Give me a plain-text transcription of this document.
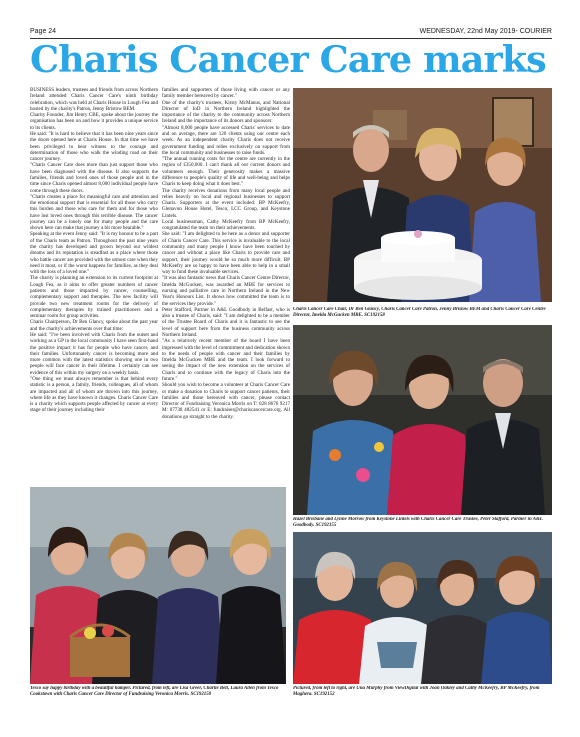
Page 24	WEDNESDAY, 22nd May 2019- COURIER
Charis Cancer Care marks

BUSINESS leaders, trustees and friends from across Northern Ireland attended Charis Cancer Care's ninth birthday celebration, which was held at Charis House in Lough Fea and hosted by the charity's Patron, Jenny Bristow BEM.

Charity Founder, Jim Henry CBE, spoke about the journey the organisation has been on and how it provides a unique service to its clients.

He said: "It is hard to believe that it has been nine years since the doors opened here at Charis House. In that time we have been privileged to bear witness to the courage and determination of those who walk the winding road on their cancer journey.

"Charis Cancer Care does more than just support those who have been diagnosed with the disease. It also supports the families, friends and loved ones of those people and in the time since Charis opened almost 8,000 individual people have come through these doors.

"Charis creates a place for meaningful care and attention and the emotional support that is essential for all those who carry this burden and those who care for them and for those who have lost loved ones through this terrible disease. The cancer journey can be a lonely one for many people and the care shown here can make that journey a bit more bearable."

Speaking at the event Jenny said: "It is my honour to be a part of the Charis team as Patron. Throughout the past nine years the charity has developed and grown beyond our wildest dreams and its reputation is steadfast as a place where those who battle cancer are provided with the utmost care when they need it most, or if the worst happens for families, as they deal with the loss of a loved one."

The charity is planning an extension to its current footprint at Lough Fea, as it aims to offer greater numbers of cancer patients and those impacted by cancer, counselling, complementary support and therapies. The new facility will provide two new treatment rooms for the delivery of complementary therapies by trained practitioners and a seminar room for group activities.

Charis Chairperson, Dr Ben Glancy, spoke about the past year and the charity's achievements over that time:

He said: "I've been involved with Charis from the outset and working as a GP in the local community I have seen first-hand the positive impact it has for people who have cancer, and their families. Unfortunately cancer is becoming more and more common with the latest statistics showing one in two people will face cancer in their lifetime. I certainly can see evidence of this within my surgery on a weekly basis.

"One thing we must always remember is that behind every statistic is a person, a family, friends, colleagues, all of whom are impacted and all of whom are thrown into this journey, where life as they have known it changes. Charis Cancer Care is a charity which supports people affected by cancer at every stage of their journey including their

families and supporters of those living with cancer or any family member bereaved by cancer."

One of the charity's trustees, Kirsty McManus, and National Director of IoD in Northern Ireland highlighted the importance of the charity to the community across Northern Ireland and the importance of its donors and sponsors:

"Almost 8,000 people have accessed Charis' services to date and on average, there are 120 clients using our centre each week. As an independent charity Charis does not receive government funding and relies exclusively on support from the local community and businesses to raise funds.

"The annual running costs for the centre are currently in the region of £350,000. I can't thank all our current donors and volunteers enough. Their generosity makes a massive difference to people's quality of life and well-being and helps Charis to keep doing what it does best."

The charity receives donations from many local people and relies heavily on local and regional businesses to support Charis. Supporters at the event included: BP McKeefry, Glenavon House Hotel, Tesco, LCC Group, and Keystone Lintels.

Local businessman, Cathy McKeefry from BP McKeefry, congratulated the team on their achievements.

She said: "I am delighted to be here as a donor and supporter of Charis Cancer Care. This service is invaluable to the local community and many people I know have been touched by cancer and without a place like Charis to provide care and support, their journey would be so much more difficult. BP McKeefry are so happy to have been able to help in a small way to fund these invaluable services.

"It was also fantastic news that Charis Cancer Centre Director, Imelda McGucken, was awarded an MBE for services to nursing and palliative care in Northern Ireland in the New Year's Honours List. It shows how committed the team is to the services they provide."

Peter Stafford, Partner in A&L Goodbody in Belfast, who is also a trustee of Charis, said: "I am delighted to be a member of the Trustee Board of Charis and it is fantastic to see the level of support here from the business community across Northern Ireland.

"As a relatively recent member of the board I have been impressed with the level of commitment and dedication shown to the needs of people with cancer and their families by Imelda McGucken MBE and the team. I look forward to seeing the impact of the new extension on the services of Charis and to continue with the legacy of Charis into the future."

Should you wish to become a volunteer at Charis Cancer Care or make a donation to Charis to support cancer patients, their families and those bereaved with cancer, please contact Director of Fundraising Veronica Morris on T: 028 8676 9217 M: 07738 482541 or E: fundraiser@chariscancercare.org. All donations go straight to the charity.

Charis Cancer Care Chair, Dr Ben Glancy, Charis Cancer Care Patron, Jenny Bristow BEM and Charis Cancer Care Centre Director, Imelda McGucken MBE. SC192158
Hazel Brisbane and Lynne Morrow from Keystone Lintels with Charis Cancer Care Trustee, Peter Stafford, Partner in A&L Goodbody. SC192155
Tesco say happy birthday with a beautiful hamper. Pictured, from left, are Lisa Greer, Charlie Bell, Laura Allen from Tesco Cookstown with Charis Cancer Care Director of Fundraising Veronica Morris. SC192150
Pictured, from left to right, are Una Murphy from ViewDigital with Joan Oakley and Cathy McKeefry, BP McKeefry, from Maghera. SC192152
